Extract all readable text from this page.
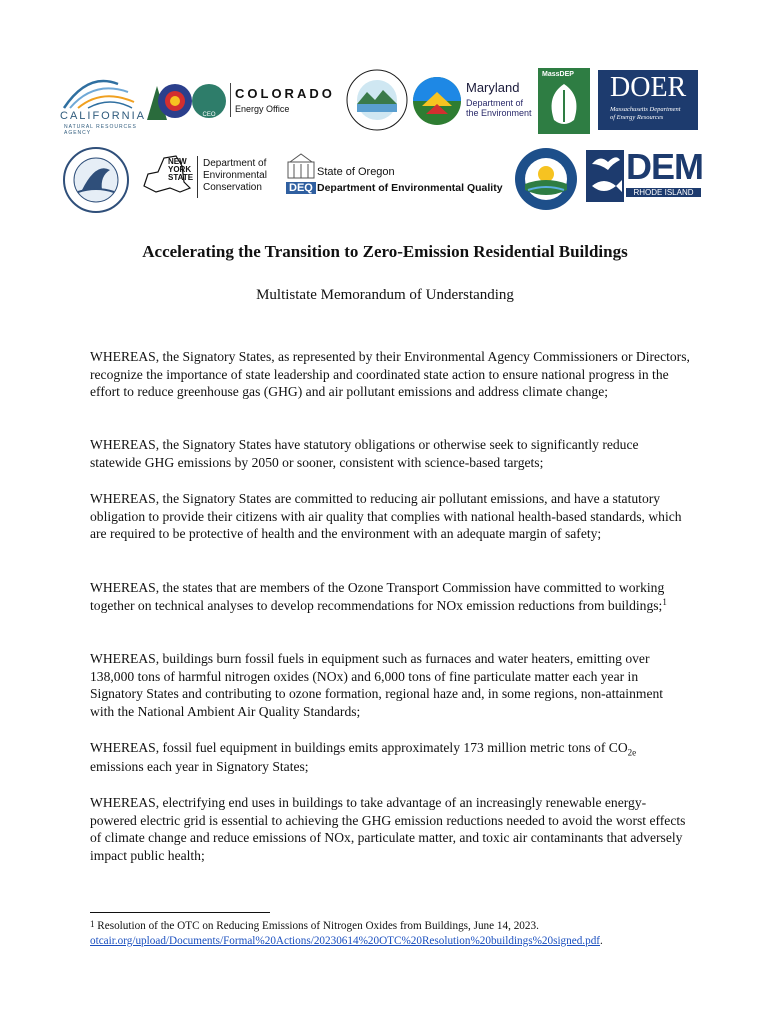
CALIFORNIA
NATURAL RESOURCES AGENCY
CEO
COLORADO
Energy Office
Maryland
Department of
the Environment
MassDEP DOER
Massachusetts Department
of Energy Resources
NEW
YORK
STATE
Department of
Environmental
Conservation
State of Oregon
DEQ Department of Environmental Quality
DEM
RHODE ISLAND
Accelerating the Transition to Zero-Emission Residential Buildings
Multistate Memorandum of Understanding

WHEREAS, the Signatory States, as represented by their Environmental Agency Commissioners or Directors, recognize the importance of state leadership and coordinated state action to ensure national progress in the effort to reduce greenhouse gas (GHG) and air pollutant emissions and address climate change;

WHEREAS, the Signatory States have statutory obligations or otherwise seek to significantly reduce statewide GHG emissions by 2050 or sooner, consistent with science-based targets;

WHEREAS, the Signatory States are committed to reducing air pollutant emissions, and have a statutory obligation to provide their citizens with air quality that complies with national health-based standards, which are required to be protective of health and the environment with an adequate margin of safety;

WHEREAS, the states that are members of the Ozone Transport Commission have committed to working together on technical analyses to develop recommendations for NOx emission reductions from buildings;$^1$

WHEREAS, buildings burn fossil fuels in equipment such as furnaces and water heaters, emitting over 138,000 tons of harmful nitrogen oxides (NOx) and 6,000 tons of fine particulate matter each year in Signatory States and contributing to ozone formation, regional haze and, in some regions, non-attainment with the National Ambient Air Quality Standards;

WHEREAS, fossil fuel equipment in buildings emits approximately 173 million metric tons of $CO_{2e}$ emissions each year in Signatory States;

WHEREAS, electrifying end uses in buildings to take advantage of an increasingly renewable energy-powered electric grid is essential to achieving the GHG emission reductions needed to avoid the worst effects of climate change and reduce emissions of NOx, particulate matter, and toxic air contaminants that adversely impact public health;

$^1$ Resolution of the OTC on Reducing Emissions of Nitrogen Oxides from Buildings, June 14, 2023.
otcair.org/upload/Documents/Formal%20Actions/20230614%20OTC%20Resolution%20buildings%20signed.pdf.
